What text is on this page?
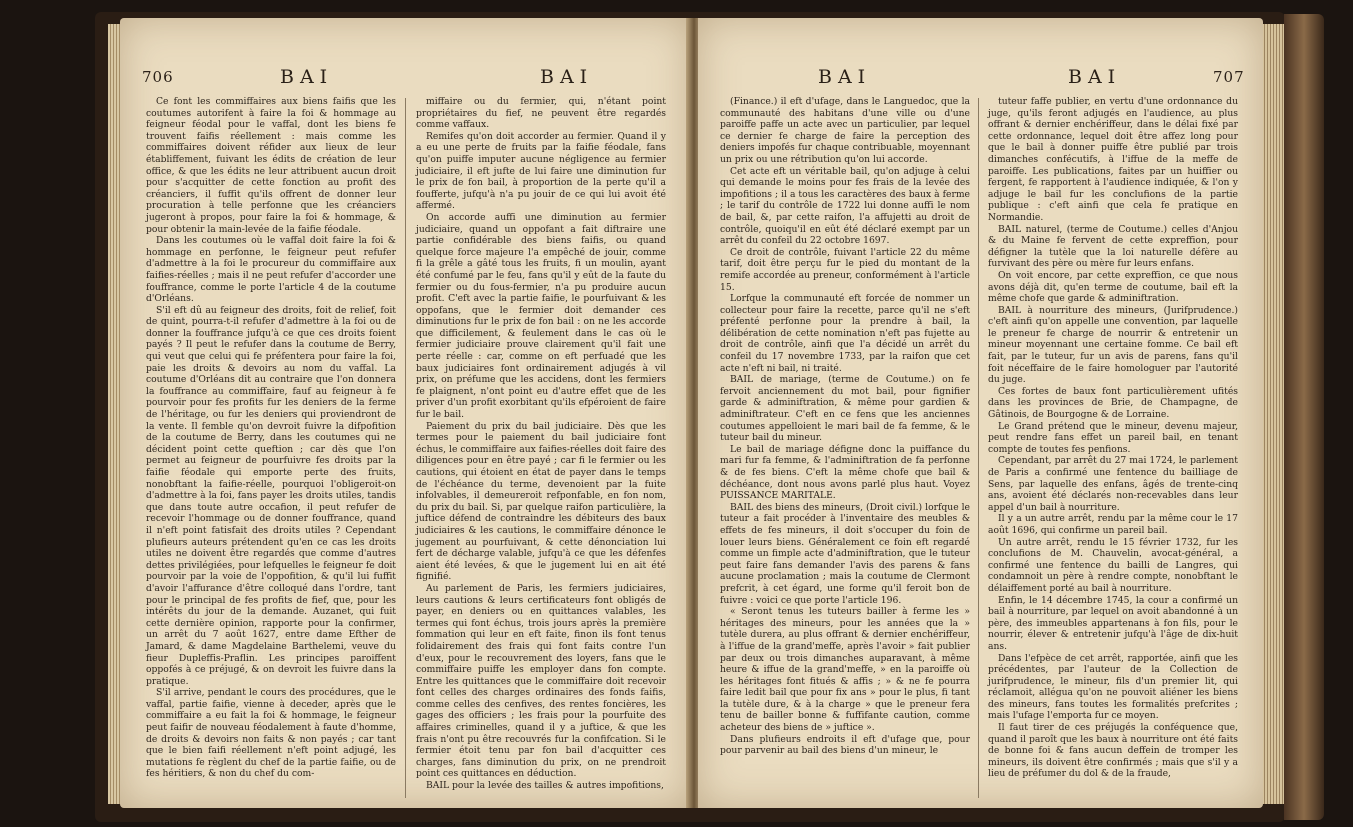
706	BAI	BAI

Ce font les commiffaires aux biens faifis que les coutumes autorifent à faire la foi & hommage au feigneur féodal pour le vaffal, dont les biens fe trouvent faifis réellement : mais comme les commiffaires doivent réfider aux lieux de leur établiffement, fuivant les édits de création de leur office, & que les édits ne leur attribuent aucun droit pour s'acquitter de cette fonction au profit des créanciers, il fuffit qu'ils offrent de donner leur procuration à telle perfonne que les créanciers jugeront à propos, pour faire la foi & hommage, & pour obtenir la main-levée de la faifie féodale.

Dans les coutumes où le vaffal doit faire la foi & hommage en perfonne, le feigneur peut refufer d'admettre à la foi le procureur du commiffaire aux faifies-réelles ; mais il ne peut refufer d'accorder une fouffrance, comme le porte l'article 4 de la coutume d'Orléans.

S'il eft dû au feigneur des droits, foit de relief, foit de quint, pourra-t-il refufer d'admettre à la foi ou de donner la fouffrance jufqu'à ce que ces droits foient payés ? Il peut le refufer dans la coutume de Berry, qui veut que celui qui fe préfentera pour faire la foi, paie les droits & devoirs au nom du vaffal. La coutume d'Orléans dit au contraire que l'on donnera la fouffrance au commiffaire, fauf au feigneur à fe pourvoir pour fes profits fur les deniers de la ferme de l'héritage, ou fur les deniers qui proviendront de la vente. Il femble qu'on devroit fuivre la difpofition de la coutume de Berry, dans les coutumes qui ne décident point cette queftion ; car dès que l'on permet au feigneur de pourfuivre fes droits par la faifie féodale qui emporte perte des fruits, nonobftant la faifie-réelle, pourquoi l'obligeroit-on d'admettre à la foi, fans payer les droits utiles, tandis que dans toute autre occafion, il peut refufer de recevoir l'hommage ou de donner fouffrance, quand il n'eft point fatisfait des droits utiles ? Cependant plufieurs auteurs prétendent qu'en ce cas les droits utiles ne doivent être regardés que comme d'autres dettes privilégiées, pour lefquelles le feigneur fe doit pourvoir par la voie de l'oppofition, & qu'il lui fuffit d'avoir l'affurance d'être colloqué dans l'ordre, tant pour le principal de fes profits de fief, que, pour les intérêts du jour de la demande. Auzanet, qui fuit cette dernière opinion, rapporte pour la confirmer, un arrêt du 7 août 1627, entre dame Efther de Jamard, & dame Magdelaine Barthelemi, veuve du fieur Dupleffis-Praflin. Les principes paroiffent oppofés à ce préjugé, & on devroit les fuivre dans la pratique.

S'il arrive, pendant le cours des procédures, que le vaffal, partie faifie, vienne à deceder, après que le commiffaire a eu fait la foi & hommage, le feigneur peut faifir de nouveau féodalement à faute d'homme, de droits & devoirs non faits & non payés ; car tant que le bien faifi réellement n'eft point adjugé, les mutations fe règlent du chef de la partie faifie, ou de fes héritiers, & non du chef du com-

miffaire ou du fermier, qui, n'étant point propriétaires du fief, ne peuvent être regardés comme vaffaux.

Remifes qu'on doit accorder au fermier. Quand il y a eu une perte de fruits par la faifie féodale, fans qu'on puiffe imputer aucune négligence au fermier judiciaire, il eft jufte de lui faire une diminution fur le prix de fon bail, à proportion de la perte qu'il a foufferte, jufqu'à n'a pu jouir de ce qui lui avoit été affermé.

On accorde auffi une diminution au fermier judiciaire, quand un oppofant a fait diftraire une partie confidérable des biens faifis, ou quand quelque force majeure l'a empêché de jouir, comme fi la grêle a gâté tous les fruits, fi un moulin, ayant été confumé par le feu, fans qu'il y eût de la faute du fermier ou du fous-fermier, n'a pu produire aucun profit. C'eft avec la partie faifie, le pourfuivant & les oppofans, que le fermier doit demander ces diminutions fur le prix de fon bail : on ne les accorde que difficilement, & feulement dans le cas où le fermier judiciaire prouve clairement qu'il fait une perte réelle : car, comme on eft perfuadé que les baux judiciaires font ordinairement adjugés à vil prix, on préfume que les accidens, dont les fermiers fe plaignent, n'ont point eu d'autre effet que de les priver d'un profit exorbitant qu'ils efpéroient de faire fur le bail.

Paiement du prix du bail judiciaire. Dès que les termes pour le paiement du bail judiciaire font échus, le commiffaire aux faifies-réelles doit faire des diligences pour en être payé ; car fi le fermier ou les cautions, qui étoient en état de payer dans le temps de l'échéance du terme, devenoient par la fuite infolvables, il demeureroit refponfable, en fon nom, du prix du bail. Si, par quelque raifon particulière, la juftice défend de contraindre les débiteurs des baux judiciaires & les cautions, le commiffaire dénonce le jugement au pourfuivant, & cette dénonciation lui fert de décharge valable, jufqu'à ce que les défenfes aient été levées, & que le jugement lui en ait été fignifié.

Au parlement de Paris, les fermiers judiciaires, leurs cautions & leurs certificateurs font obligés de payer, en deniers ou en quittances valables, les termes qui font échus, trois jours après la première fommation qui leur en eft faite, finon ils font tenus folidairement des frais qui font faits contre l'un d'eux, pour le recouvrement des loyers, fans que le commiffaire puiffe les employer dans fon compte. Entre les quittances que le commiffaire doit recevoir font celles des charges ordinaires des fonds faifis, comme celles des cenfives, des rentes foncières, les gages des officiers ; les frais pour la pourfuite des affaires criminelles, quand il y a juftice, & que les frais n'ont pu être recouvrés fur la confifcation. Si le fermier étoit tenu par fon bail d'acquitter ces charges, fans diminution du prix, on ne prendroit point ces quittances en déduction.

BAIL pour la levée des tailles & autres impofitions,

BAI	BAI	707

(Finance.) il eft d'ufage, dans le Languedoc, que la communauté des habitans d'une ville ou d'une paroiffe paffe un acte avec un particulier, par lequel ce dernier fe charge de faire la perception des deniers impofés fur chaque contribuable, moyennant un prix ou une rétribution qu'on lui accorde.

Cet acte eft un véritable bail, qu'on adjuge à celui qui demande le moins pour fes frais de la levée des impofitions ; il a tous les caractères des baux à ferme ; le tarif du contrôle de 1722 lui donne auffi le nom de bail, &, par cette raifon, l'a affujetti au droit de contrôle, quoiqu'il en eût été déclaré exempt par un arrêt du confeil du 22 octobre 1697.

Ce droit de contrôle, fuivant l'article 22 du même tarif, doit être perçu fur le pied du montant de la remife accordée au preneur, conformément à l'article 15.

Lorfque la communauté eft forcée de nommer un collecteur pour faire la recette, parce qu'il ne s'eft préfenté perfonne pour la prendre à bail, la délibération de cette nomination n'eft pas fujette au droit de contrôle, ainfi que l'a décidé un arrêt du confeil du 17 novembre 1733, par la raifon que cet acte n'eft ni bail, ni traité.

BAIL de mariage, (terme de Coutume.) on fe fervoit anciennement du mot bail, pour fignifier garde & adminiftration, & même pour gardien & adminiftrateur. C'eft en ce fens que les anciennes coutumes appelloient le mari bail de fa femme, & le tuteur bail du mineur.

Le bail de mariage défigne donc la puiffance du mari fur fa femme, & l'adminiftration de fa perfonne & de fes biens. C'eft la même chofe que bail & déchéance, dont nous avons parlé plus haut. Voyez PUISSANCE MARITALE.

BAIL des biens des mineurs, (Droit civil.) lorfque le tuteur a fait procéder à l'inventaire des meubles & effets de fes mineurs, il doit s'occuper du foin de louer leurs biens. Généralement ce foin eft regardé comme un fimple acte d'adminiftration, que le tuteur peut faire fans demander l'avis des parens & fans aucune proclamation ; mais la coutume de Clermont prefcrit, à cet égard, une forme qu'il feroit bon de fuivre : voici ce que porte l'article 196.

« Seront tenus les tuteurs bailler à ferme les » héritages des mineurs, pour les années que la » tutèle durera, au plus offrant & dernier enchériffeur, à l'iffue de la grand'meffe, après l'avoir » fait publier par deux ou trois dimanches auparavant, à même heure & iffue de la grand'meffe, » en la paroiffe où les héritages font fitués & affis ; » & ne fe pourra faire ledit bail que pour fix ans » pour le plus, fi tant la tutèle dure, & à la charge » que le preneur fera tenu de bailler bonne & fuffifante caution, comme acheteur des biens de » juftice ».

Dans plufieurs endroits il eft d'ufage que, pour pour parvenir au bail des biens d'un mineur, le

tuteur faffe publier, en vertu d'une ordonnance du juge, qu'ils feront adjugés en l'audience, au plus offrant & dernier enchériffeur, dans le délai fixé par cette ordonnance, lequel doit être affez long pour que le bail à donner puiffe être publié par trois dimanches confécutifs, à l'iffue de la meffe de paroiffe. Les publications, faites par un huiffier ou fergent, fe rapportent à l'audience indiquée, & l'on y adjuge le bail fur les conclufions de la partie publique : c'eft ainfi que cela fe pratique en Normandie.

BAIL naturel, (terme de Coutume.) celles d'Anjou & du Maine fe fervent de cette expreffion, pour défigner la tutèle que la loi naturelle défère au furvivant des père ou mère fur leurs enfans.

On voit encore, par cette expreffion, ce que nous avons déjà dit, qu'en terme de coutume, bail eft la même chofe que garde & adminiftration.

BAIL à nourriture des mineurs, (Jurifprudence.) c'eft ainfi qu'on appelle une convention, par laquelle le preneur fe charge de nourrir & entretenir un mineur moyennant une certaine fomme. Ce bail eft fait, par le tuteur, fur un avis de parens, fans qu'il foit néceffaire de le faire homologuer par l'autorité du juge.

Ces fortes de baux font particulièrement ufités dans les provinces de Brie, de Champagne, de Gâtinois, de Bourgogne & de Lorraine.

Le Grand prétend que le mineur, devenu majeur, peut rendre fans effet un pareil bail, en tenant compte de toutes fes penfions.

Cependant, par arrêt du 27 mai 1724, le parlement de Paris a confirmé une fentence du bailliage de Sens, par laquelle des enfans, âgés de trente-cinq ans, avoient été déclarés non-recevables dans leur appel d'un bail à nourriture.

Il y a un autre arrêt, rendu par la même cour le 17 août 1696, qui confirme un pareil bail.

Un autre arrêt, rendu le 15 février 1732, fur les conclufions de M. Chauvelin, avocat-général, a confirmé une fentence du bailli de Langres, qui condamnoit un père à rendre compte, nonobftant le délaiffement porté au bail à nourriture.

Enfin, le 14 décembre 1745, la cour a confirmé un bail à nourriture, par lequel on avoit abandonné à un père, des immeubles appartenans à fon fils, pour le nourrir, élever & entretenir jufqu'à l'âge de dix-huit ans.

Dans l'efpèce de cet arrêt, rapportée, ainfi que les précédentes, par l'auteur de la Collection de jurifprudence, le mineur, fils d'un premier lit, qui réclamoit, allégua qu'on ne pouvoit aliéner les biens des mineurs, fans toutes les formalités prefcrites ; mais l'ufage l'emporta fur ce moyen.

Il faut tirer de ces préjugés la conféquence que, quand il paroît que les baux à nourriture ont été faits de bonne foi & fans aucun deffein de tromper les mineurs, ils doivent être confirmés ; mais que s'il y a lieu de préfumer du dol & de la fraude,
